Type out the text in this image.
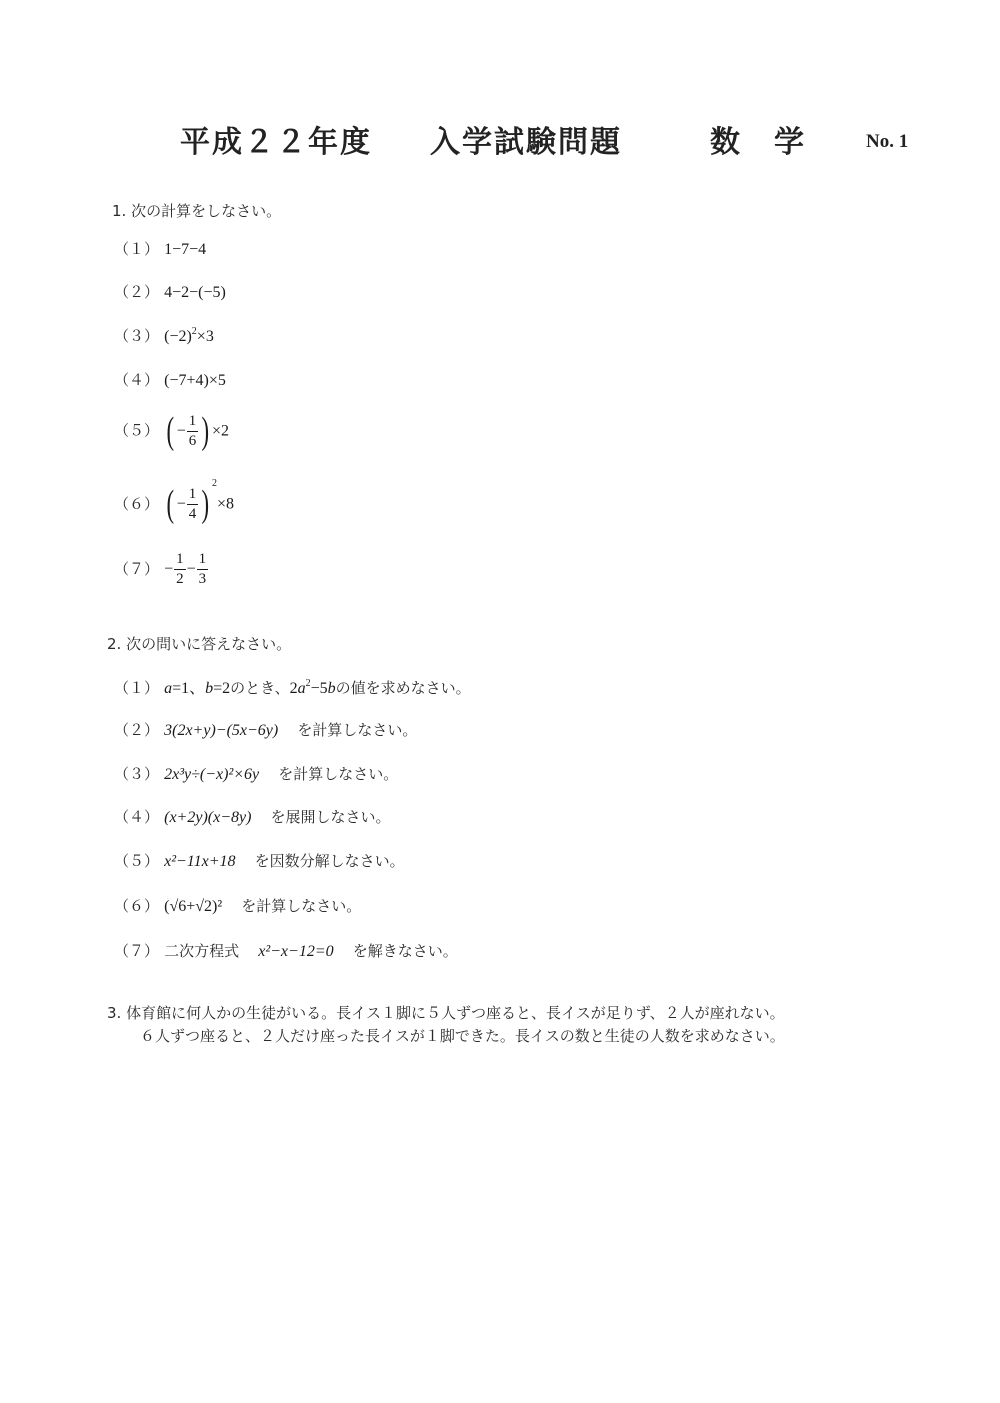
平成２２年度 入学試験問題	数　学	No. 1
1. 次の計算をしなさい。
（１） 1−7−4
（２） 4−2−(−5)
（３） $(-2)^2\times 3$
（４） (−7+4)×5
（５） ( − $\frac{1}{6}$ ) ×2
（６） ( − $\frac{1}{4}$ ) $^2$×8
$(7) - \frac{1}{2} - \frac{1}{3}$
2. 次の問いに答えなさい。
（１） a=1、b=2のとき、$2a^2-5b$の値を求めなさい。
（２） 3(2x+y)−(5x−6y) を計算しなさい。
（３） 2x³y÷(−x)²×6y を計算しなさい。
（４） (x+2y)(x−8y) を展開しなさい。
（５） x²−11x+18 を因数分解しなさい。
（６） (√6+√2)² を計算しなさい。
（７） 二次方程式 x²−x−12=0 を解きなさい。
3. 体育館に何人かの生徒がいる。長イス１脚に５人ずつ座ると、長イスが足りず、２人が座れない。
６人ずつ座ると、２人だけ座った長イスが１脚できた。長イスの数と生徒の人数を求めなさい。
